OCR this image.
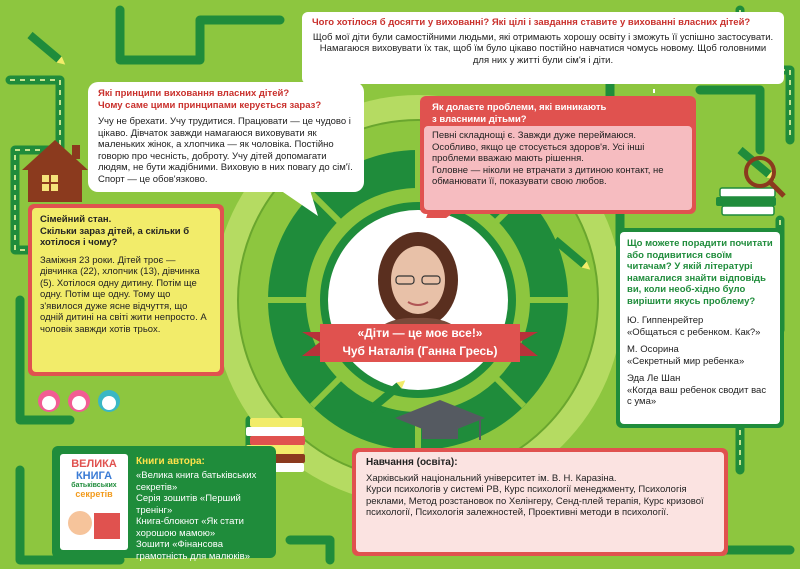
Чого хотілося б досягти у вихованні? Які цілі і завдання ставите у вихованні власних дітей?
Щоб мої діти були самостійними людьми, які отримають хорошу освіту і зможуть її успішно застосувати. Намагаюся виховувати їх так, щоб їм було цікаво постійно навчатися чомусь новому. Щоб головними для них у житті були сім'я і діти.
Які принципи виховання власних дітей?
Чому саме цими принципами керується зараз?
Учу не брехати. Учу трудитися. Працювати — це чудово і цікаво. Дівчаток завжди намагаюся виховувати як маленьких жінок, а хлопчика — як чоловіка. Постійно говорю про чесність, доброту. Учу дітей допомагати людям, не бути жадібними. Виховую в них повагу до сім'ї.
Спорт — це обов'язково.
Як долаєте проблеми, які виникають з власними дітьми?
Певні складнощі є. Завжди дуже переймаюся. Особливо, якщо це стосується здоров'я. Усі інші проблеми вважаю мають рішення.
Головне — ніколи не втрачати з дитиною контакт, не обманювати її, показувати свою любов.
Сімейний стан.
Скільки зараз дітей, а скільки б хотілося і чому?
Заміжня 23 роки. Дітей троє — дівчинка (22), хлопчик (13), дівчинка (5). Хотілося одну дитину. Потім ще одну. Потім ще одну. Тому що з'явилося дуже ясне відчуття, що одній дитині на світі жити непросто. А чоловік завжди хотів трьох.	«Діти — це моє все!»
Чуб Наталія (Ганна Гресь)
Що можете порадити почитати або подивитися своїм читачам? У якій літературі намагалися знайти відповідь ви, коли необ-хідно було вирішити якусь проблему?
Ю. Гиппенрейтер
«Общаться с ребенком. Как?»
М. Осорина
«Секретный мир ребенка»
Эда Ле Шан
«Когда ваш ребенок сводит вас с ума»
ВЕЛИКА
КНИГА
батьківських
секретів
Книги автора:
«Велика книга батьківських секретів»
Серія зошитів «Перший тренінг»
Книга-блокнот «Як стати хорошою мамою»
Зошити «Фінансова грамотність для малюків»
Навчання (освіта):
Харківський національний університет ім. В. Н. Каразіна.
Курси психологів у системі РВ, Курс психології менеджменту, Психологія реклами, Метод розстановок по Хелінгеру, Сенд-плей терапія, Курс кризової психології, Психологія залежностей, Проективні методи в психології.
